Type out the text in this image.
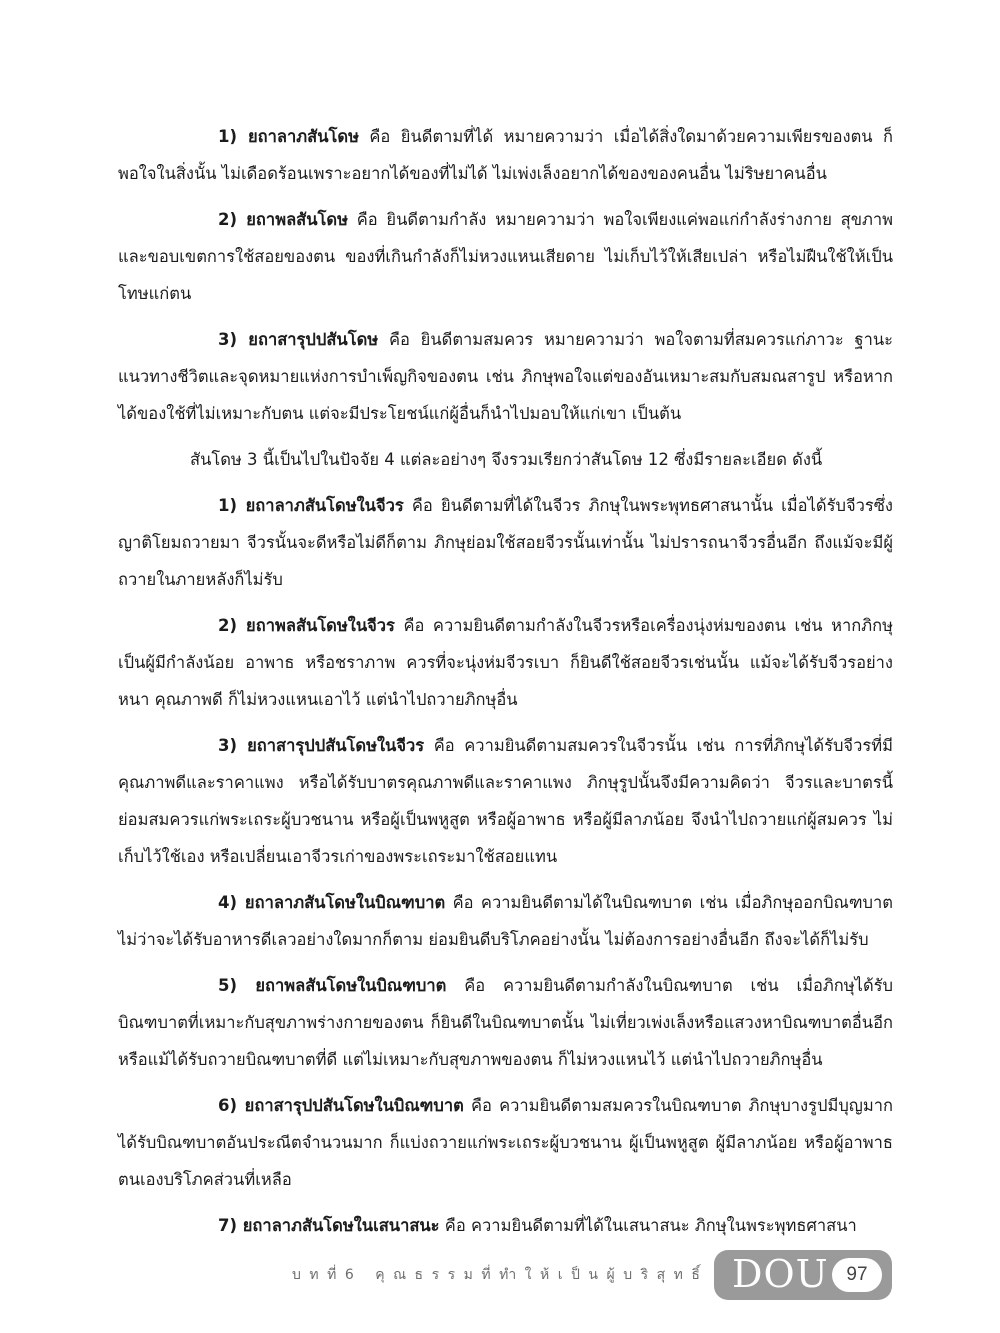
1) ยถาลาภสันโดษ คือ ยินดีตามที่ได้ หมายความว่า เมื่อได้สิ่งใดมาด้วยความเพียรของตน ก็พอใจในสิ่งนั้น ไม่เดือดร้อนเพราะอยากได้ของที่ไม่ได้ ไม่เพ่งเล็งอยากได้ของของคนอื่น ไม่ริษยาคนอื่น

2) ยถาพลสันโดษ คือ ยินดีตามกำลัง หมายความว่า พอใจเพียงแค่พอแก่กำลังร่างกาย สุขภาพ และขอบเขตการใช้สอยของตน ของที่เกินกำลังก็ไม่หวงแหนเสียดาย ไม่เก็บไว้ให้เสียเปล่า หรือไม่ฝืนใช้ให้เป็นโทษแก่ตน

3) ยถาสารุปปสันโดษ คือ ยินดีตามสมควร หมายความว่า พอใจตามที่สมควรแก่ภาวะ ฐานะ แนวทางชีวิตและจุดหมายแห่งการบำเพ็ญกิจของตน เช่น ภิกษุพอใจแต่ของอันเหมาะสมกับสมณสารูป หรือหากได้ของใช้ที่ไม่เหมาะกับตน แต่จะมีประโยชน์แก่ผู้อื่นก็นำไปมอบให้แก่เขา เป็นต้น

สันโดษ 3 นี้เป็นไปในปัจจัย 4 แต่ละอย่างๆ จึงรวมเรียกว่าสันโดษ 12 ซึ่งมีรายละเอียด ดังนี้

1) ยถาลาภสันโดษในจีวร คือ ยินดีตามที่ได้ในจีวร ภิกษุในพระพุทธศาสนานั้น เมื่อได้รับจีวรซึ่งญาติโยมถวายมา จีวรนั้นจะดีหรือไม่ดีก็ตาม ภิกษุย่อมใช้สอยจีวรนั้นเท่านั้น ไม่ปรารถนาจีวรอื่นอีก ถึงแม้จะมีผู้ถวายในภายหลังก็ไม่รับ

2) ยถาพลสันโดษในจีวร คือ ความยินดีตามกำลังในจีวรหรือเครื่องนุ่งห่มของตน เช่น หากภิกษุเป็นผู้มีกำลังน้อย อาพาธ หรือชราภาพ ควรที่จะนุ่งห่มจีวรเบา ก็ยินดีใช้สอยจีวรเช่นนั้น แม้จะได้รับจีวรอย่างหนา คุณภาพดี ก็ไม่หวงแหนเอาไว้ แต่นำไปถวายภิกษุอื่น

3) ยถาสารุปปสันโดษในจีวร คือ ความยินดีตามสมควรในจีวรนั้น เช่น การที่ภิกษุได้รับจีวรที่มีคุณภาพดีและราคาแพง หรือได้รับบาตรคุณภาพดีและราคาแพง ภิกษุรูปนั้นจึงมีความคิดว่า จีวรและบาตรนี้ย่อมสมควรแก่พระเถระผู้บวชนาน หรือผู้เป็นพหูสูต หรือผู้อาพาธ หรือผู้มีลาภน้อย จึงนำไปถวายแก่ผู้สมควร ไม่เก็บไว้ใช้เอง หรือเปลี่ยนเอาจีวรเก่าของพระเถระมาใช้สอยแทน

4) ยถาลาภสันโดษในบิณฑบาต คือ ความยินดีตามได้ในบิณฑบาต เช่น เมื่อภิกษุออกบิณฑบาต ไม่ว่าจะได้รับอาหารดีเลวอย่างใดมากก็ตาม ย่อมยินดีบริโภคอย่างนั้น ไม่ต้องการอย่างอื่นอีก ถึงจะได้ก็ไม่รับ

5) ยถาพลสันโดษในบิณฑบาต คือ ความยินดีตามกำลังในบิณฑบาต เช่น เมื่อภิกษุได้รับบิณฑบาตที่เหมาะกับสุขภาพร่างกายของตน ก็ยินดีในบิณฑบาตนั้น ไม่เที่ยวเพ่งเล็งหรือแสวงหาบิณฑบาตอื่นอีก หรือแม้ได้รับถวายบิณฑบาตที่ดี แต่ไม่เหมาะกับสุขภาพของตน ก็ไม่หวงแหนไว้ แต่นำไปถวายภิกษุอื่น

6) ยถาสารุปปสันโดษในบิณฑบาต คือ ความยินดีตามสมควรในบิณฑบาต ภิกษุบางรูปมีบุญมาก ได้รับบิณฑบาตอันประณีตจำนวนมาก ก็แบ่งถวายแก่พระเถระผู้บวชนาน ผู้เป็นพหูสูต ผู้มีลาภน้อย หรือผู้อาพาธ ตนเองบริโภคส่วนที่เหลือ

7) ยถาลาภสันโดษในเสนาสนะ คือ ความยินดีตามที่ได้ในเสนาสนะ ภิกษุในพระพุทธศาสนา

บทที่6 คุณธรรมที่ทำให้เป็นผู้บริสุทธิ์ DOU 97
